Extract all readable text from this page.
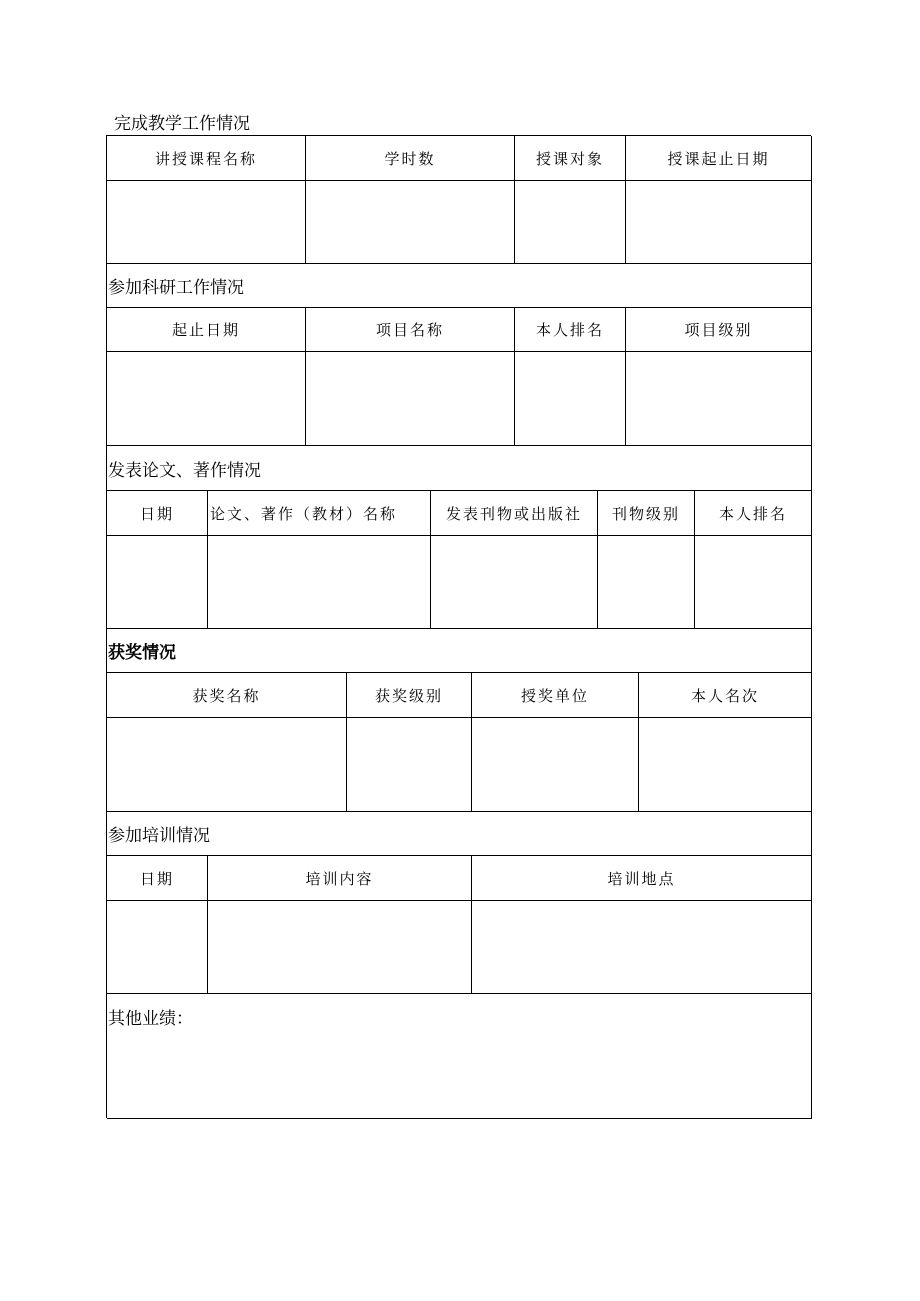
完成教学工作情况
讲授课程名称	学时数	授课对象	授课起止日期
参加科研工作情况
起止日期	项目名称	本人排名	项目级别
发表论文、著作情况
日期	论文、著作（教材）名称	发表刊物或出版社	刊物级别	本人排名
获奖情况
获奖名称	获奖级别	授奖单位	本人名次
参加培训情况
日期	培训内容	培训地点
其他业绩：
